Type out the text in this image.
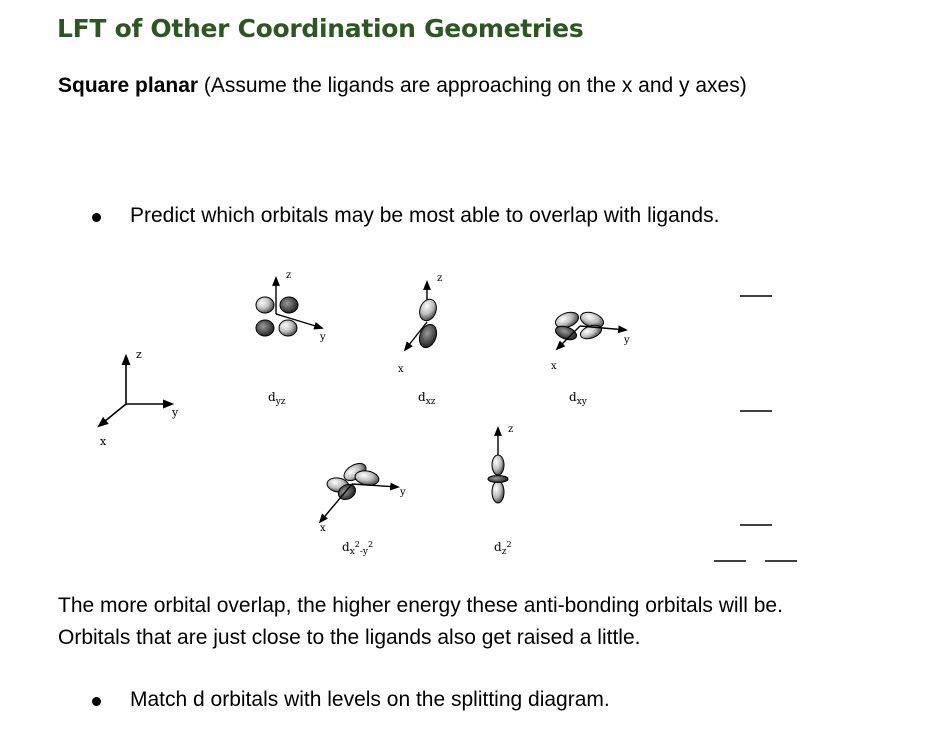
LFT of Other Coordination Geometries
Square planar (Assume the ligands are approaching on the x and y axes)
Predict which orbitals may be most able to overlap with ligands.
z
y
x
z
y
$d_{yz}$
z
x
$d_{xz}$
y
x
$d_{xy}$
y
x
$d_x^2_{-y}^2$
z
$d_z^2$
The more orbital overlap, the higher energy these anti-bonding orbitals will be.
Orbitals that are just close to the ligands also get raised a little.
Match d orbitals with levels on the splitting diagram.
